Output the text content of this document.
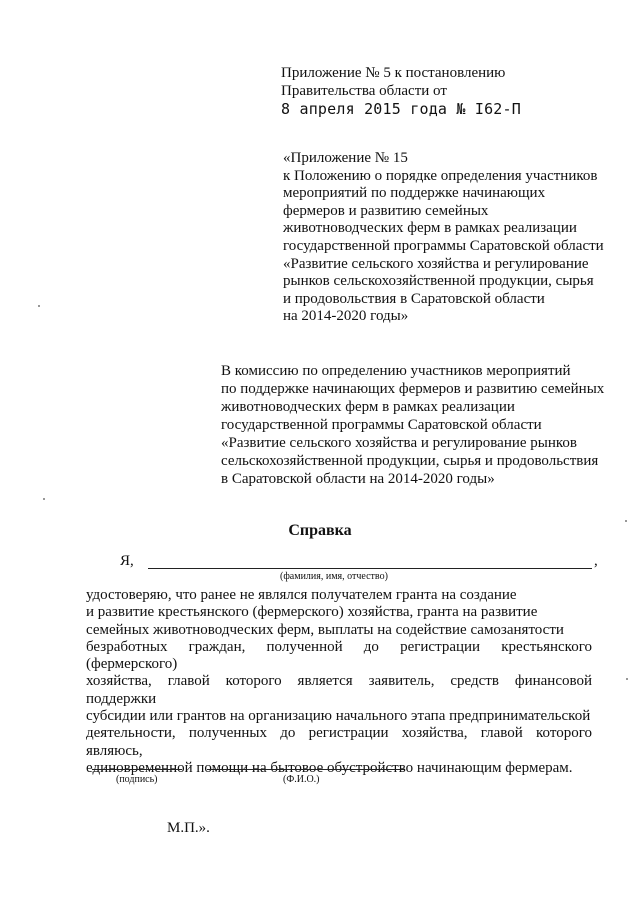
Приложение № 5 к постановлению
Правительства области от
8 апреля 2015 года № I62-П
«Приложение № 15
к Положению о порядке определения участников
мероприятий по поддержке начинающих
фермеров и развитию семейных
животноводческих ферм в рамках реализации
государственной программы Саратовской области
«Развитие сельского хозяйства и регулирование
рынков сельскохозяйственной продукции, сырья
и продовольствия в Саратовской области
на 2014-2020 годы»
В комиссию по определению участников мероприятий
по поддержке начинающих фермеров и развитию семейных
животноводческих ферм в рамках реализации
государственной программы Саратовской области
«Развитие сельского хозяйства и регулирование рынков
сельскохозяйственной продукции, сырья и продовольствия
в Саратовской области на 2014-2020 годы»
Справка
Я,	,
(фамилия, имя, отчество)
удостоверяю, что ранее не являлся получателем гранта на создание
и развитие крестьянского (фермерского) хозяйства, гранта на развитие
семейных животноводческих ферм, выплаты на содействие самозанятости
безработных граждан, полученной до регистрации крестьянского (фермерского)
хозяйства, главой которого является заявитель, средств финансовой поддержки
субсидии или грантов на организацию начального этапа предпринимательской
деятельности, полученных до регистрации хозяйства, главой которого являюсь,
единовременной помощи на бытовое обустройство начинающим фермерам.
(подпись)	(Ф.И.О.)
М.П.».
